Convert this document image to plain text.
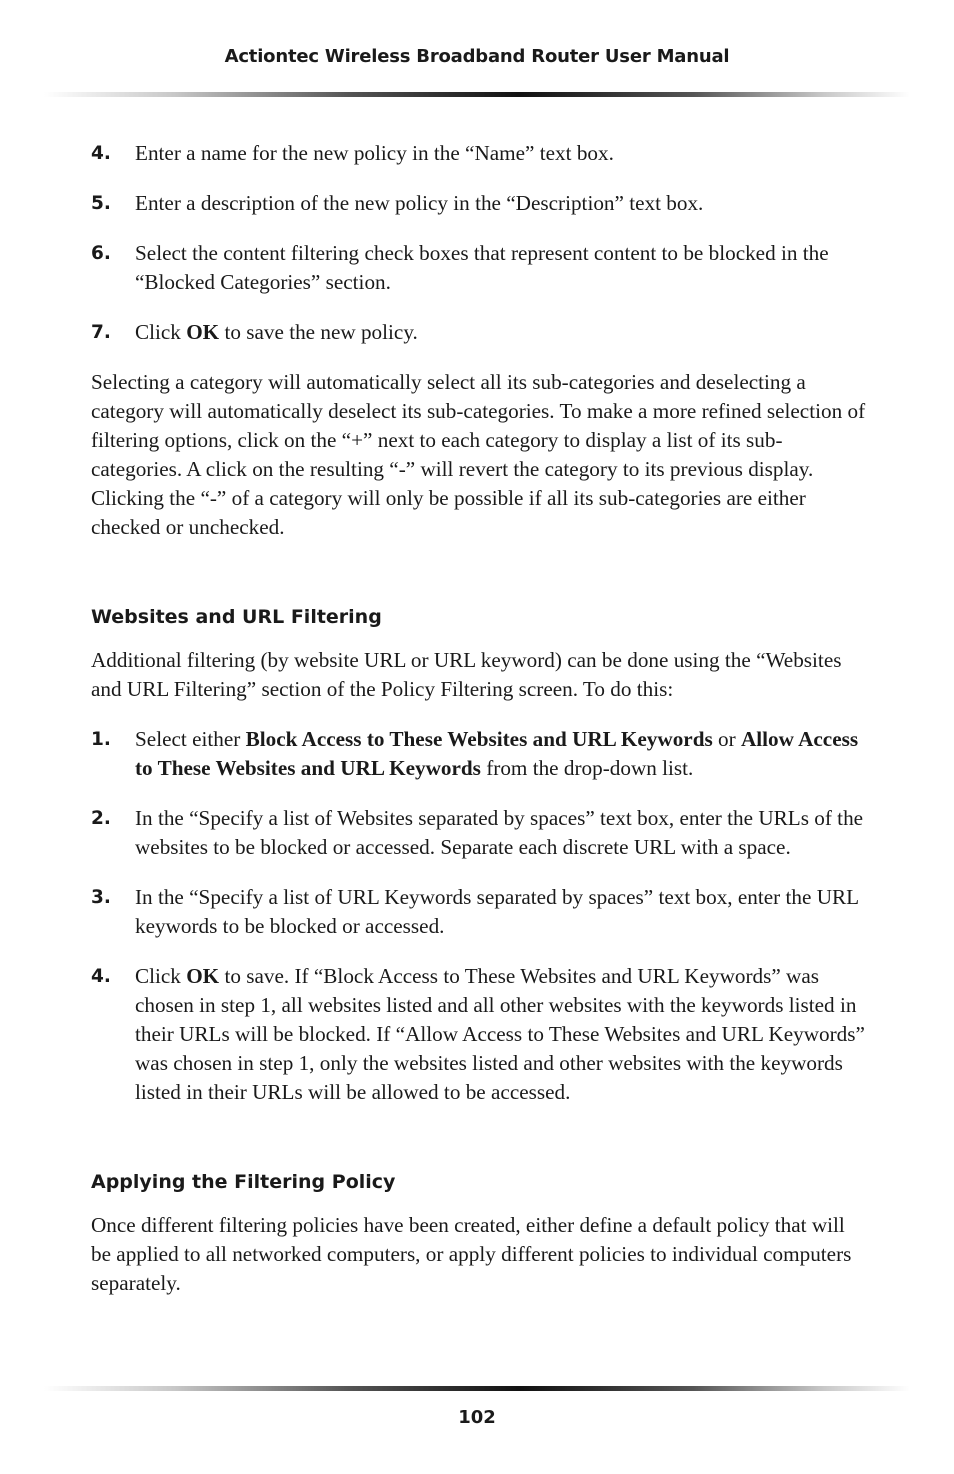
Actiontec Wireless Broadband Router User Manual
4.	Enter a name for the new policy in the “Name” text box.
5.	Enter a description of the new policy in the “Description” text box.
6.	Select the content filtering check boxes that represent content to be blocked in the “Blocked Categories” section.
7.	Click OK to save the new policy.

Selecting a category will automatically select all its sub-categories and deselecting a category will automatically deselect its sub-categories. To make a more refined selection of filtering options, click on the “+” next to each category to display a list of its sub-categories. A click on the resulting “-” will revert the category to its previous display. Clicking the “-” of a category will only be possible if all its sub-categories are either checked or unchecked.

Websites and URL Filtering

Additional filtering (by website URL or URL keyword) can be done using the “Websites and URL Filtering” section of the Policy Filtering screen. To do this:

1.	Select either Block Access to These Websites and URL Keywords or Allow Access to These Websites and URL Keywords from the drop-down list.
2.	In the “Specify a list of Websites separated by spaces” text box, enter the URLs of the websites to be blocked or accessed. Separate each discrete URL with a space.
3.	In the “Specify a list of URL Keywords separated by spaces” text box, enter the URL keywords to be blocked or accessed.
4.	Click OK to save. If “Block Access to These Websites and URL Keywords” was chosen in step 1, all websites listed and all other websites with the keywords listed in their URLs will be blocked. If “Allow Access to These Websites and URL Keywords” was chosen in step 1, only the websites listed and other websites with the keywords listed in their URLs will be allowed to be accessed.
Applying the Filtering Policy

Once different filtering policies have been created, either define a default policy that will be applied to all networked computers, or apply different policies to individual computers separately.

102
